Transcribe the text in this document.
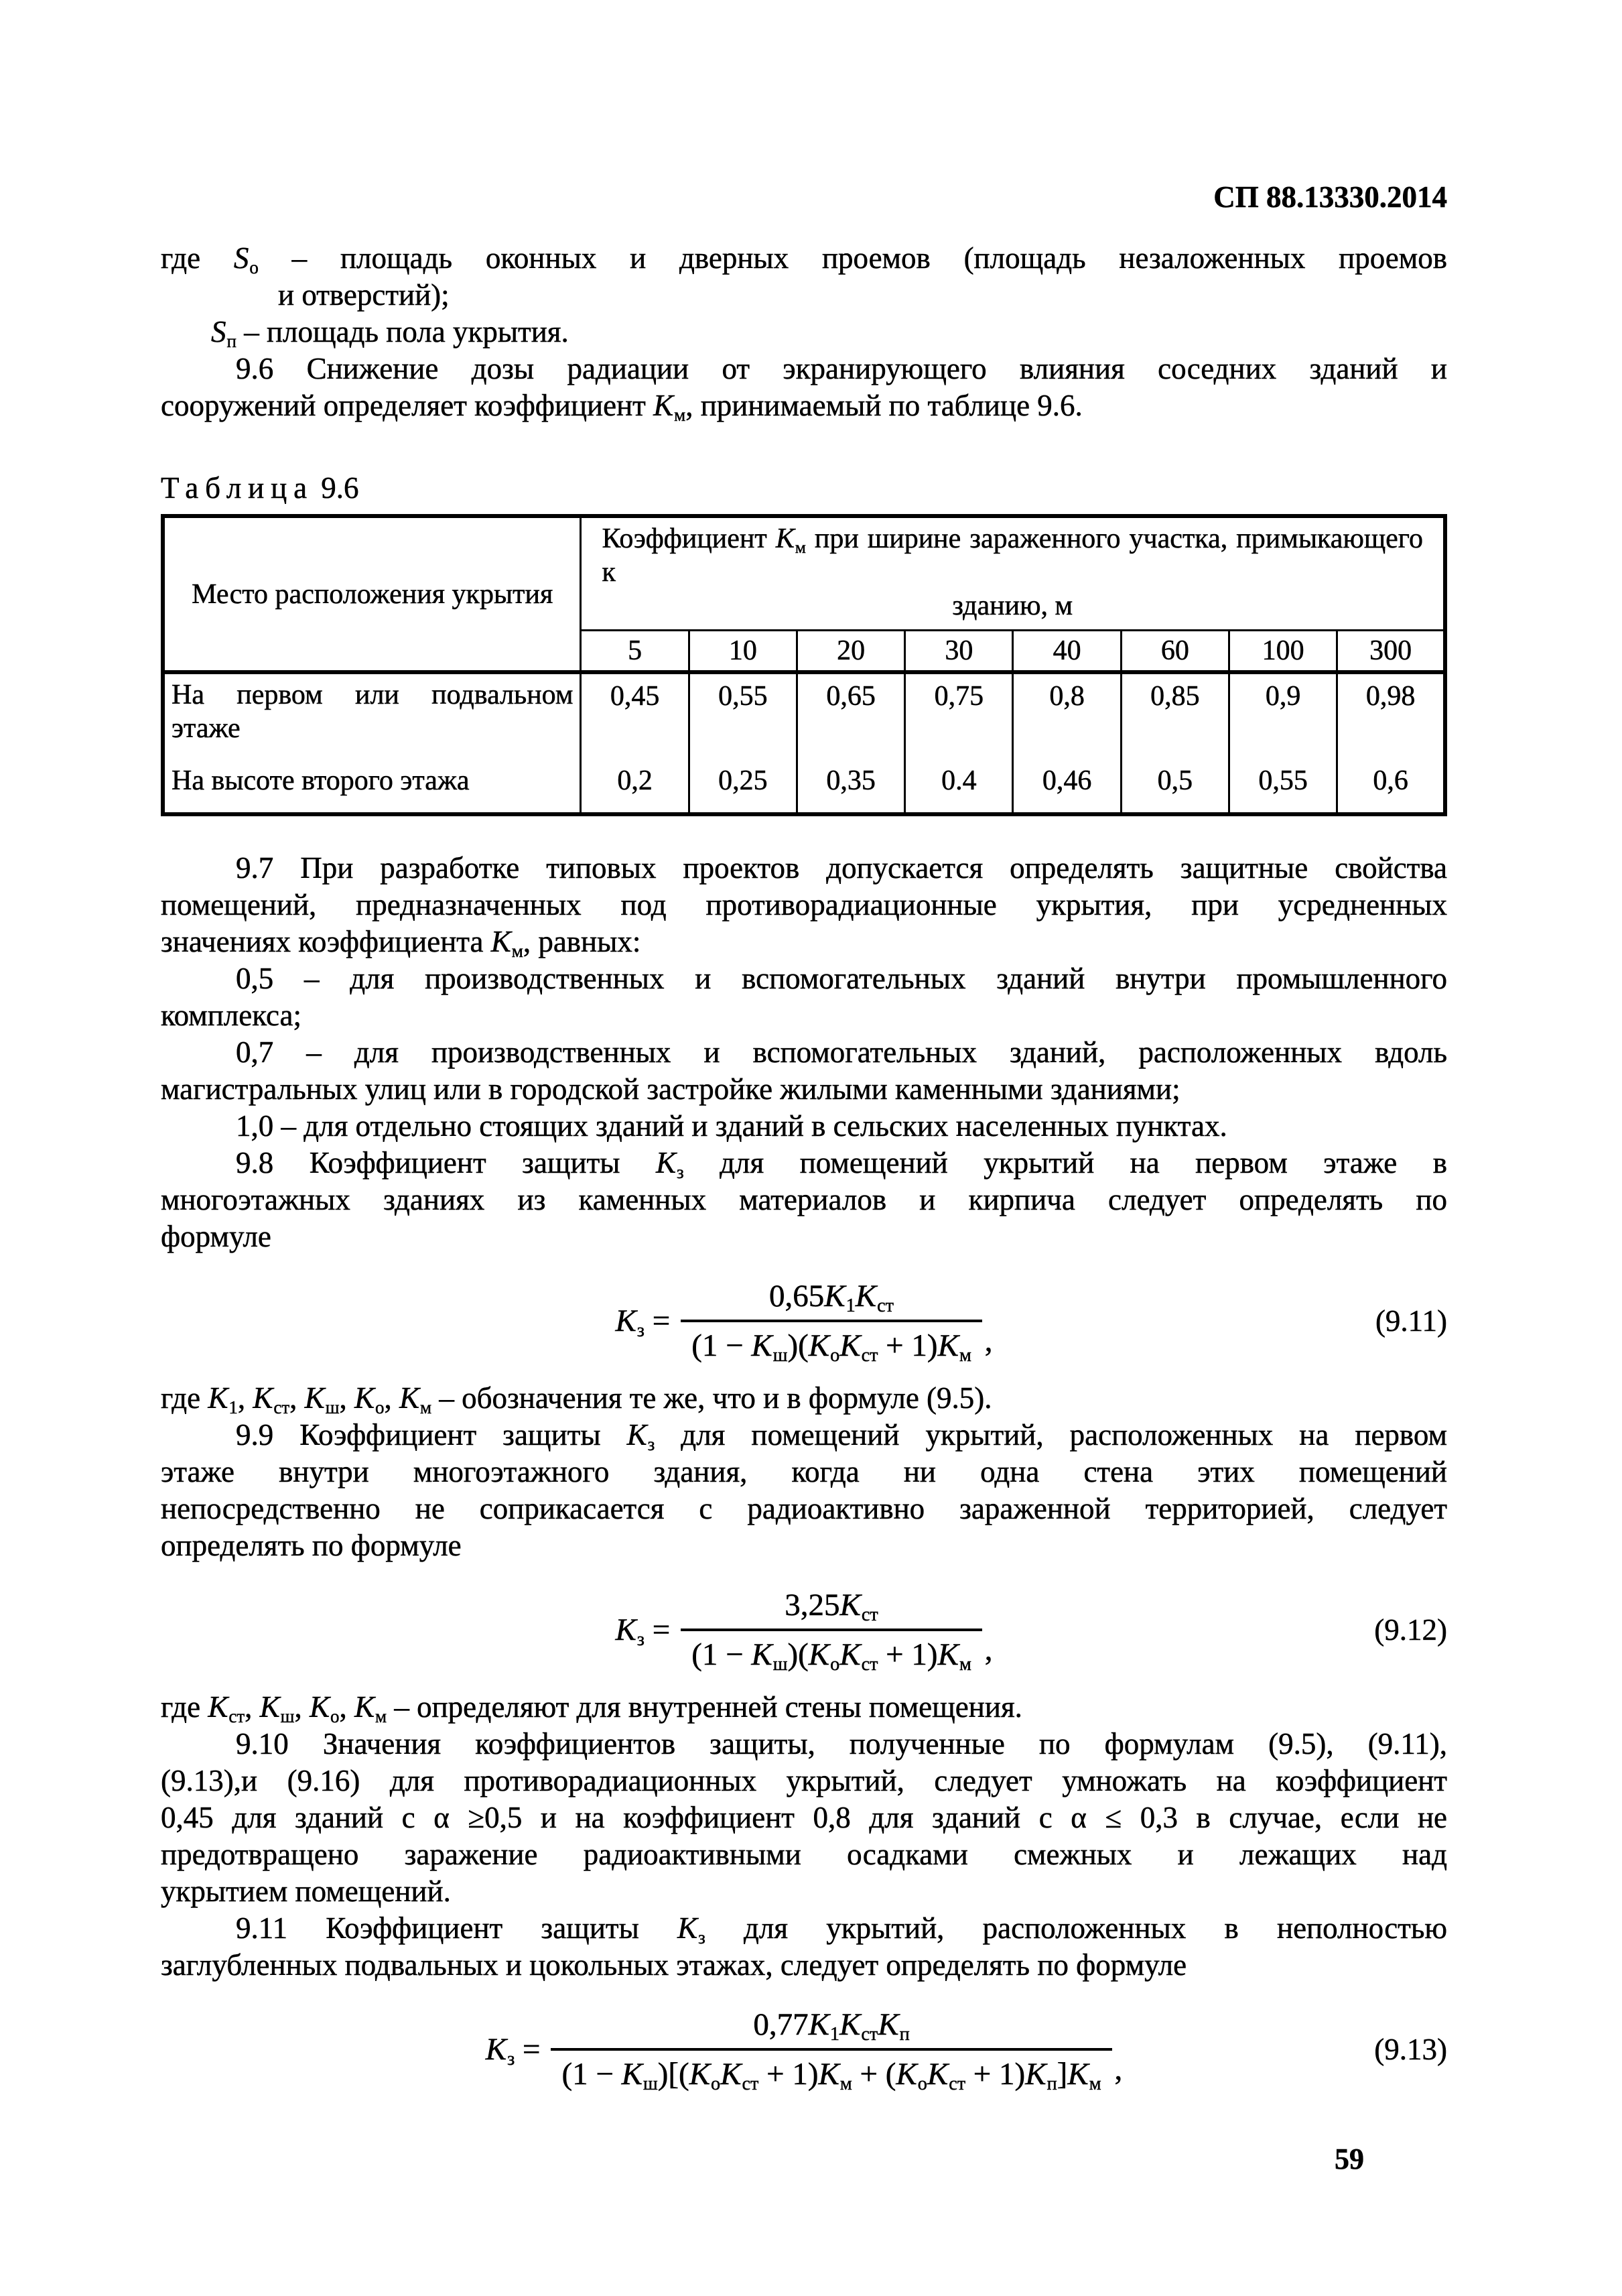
СП 88.13330.2014
где $S_о$ – площадь оконных и дверных проемов (площадь незаложенных проемов
и отверстий);
$S_п$ – площадь пола укрытия.
9.6 Снижение дозы радиации от экранирующего влияния соседних зданий и
сооружений определяет коэффициент $K_м$, принимаемый по таблице 9.6.
Таблица 9.6
Место расположения укрытия	Коэффициент $K_м$ при ширине зараженного участка, примыкающего к
зданию, м							

	5	10	20	30	40	60	100	300

На первом или подвальном
этаже	0,45	0,55	0,65	0,75	0,8	0,85	0,9	0,98
На высоте второго этажа	0,2	0,25	0,35	0.4	0,46	0,5	0,55	0,6
9.7 При разработке типовых проектов допускается определять защитные свойства
помещений, предназначенных под противорадиационные укрытия, при усредненных
значениях коэффициента $K_м$, равных:
0,5 – для производственных и вспомогательных зданий внутри промышленного
комплекса;
0,7 – для производственных и вспомогательных зданий, расположенных вдоль
магистральных улиц или в городской застройке жилыми каменными зданиями;
1,0 – для отдельно стоящих зданий и зданий в сельских населенных пунктах.
9.8 Коэффициент защиты $K_з$ для помещений укрытий на первом этаже в
многоэтажных зданиях из каменных материалов и кирпича следует определять по
формуле
$K_з = \frac{0,65K_1K_{ст}}{(1 - K_ш)(K_оK_{ст} + 1)K_м}$ ,
(9.11)
где $K_1$, $K_{ст}$, $K_ш$, $K_о$, $K_м$ – обозначения те же, что и в формуле (9.5).
9.9 Коэффициент защиты $K_з$ для помещений укрытий, расположенных на первом
этаже внутри многоэтажного здания, когда ни одна стена этих помещений
непосредственно не соприкасается с радиоактивно зараженной территорией, следует
определять по формуле
$K_з = \frac{3,25K_{ст}}{(1 - K_ш)(K_оK_{ст} + 1)K_м}$ ,
(9.12)
где $K_{ст}$, $K_ш$, $K_о$, $K_м$ – определяют для внутренней стены помещения.
9.10 Значения коэффициентов защиты, полученные по формулам (9.5), (9.11),
(9.13),и (9.16) для противорадиационных укрытий, следует умножать на коэффициент
0,45 для зданий с α ≥0,5 и на коэффициент 0,8 для зданий с α ≤ 0,3 в случае, если не
предотвращено заражение радиоактивными осадками смежных и лежащих над
укрытием помещений.
9.11 Коэффициент защиты $K_з$ для укрытий, расположенных в неполностью
заглубленных подвальных и цокольных этажах, следует определять по формуле
$K_з = \frac{0,77K_1K_{ст}K_п}{(1 - K_ш)[(K_оK_{ст} + 1)K_м + (K_оK_{ст} + 1)K_п]K_м}$ ,
(9.13)
59
